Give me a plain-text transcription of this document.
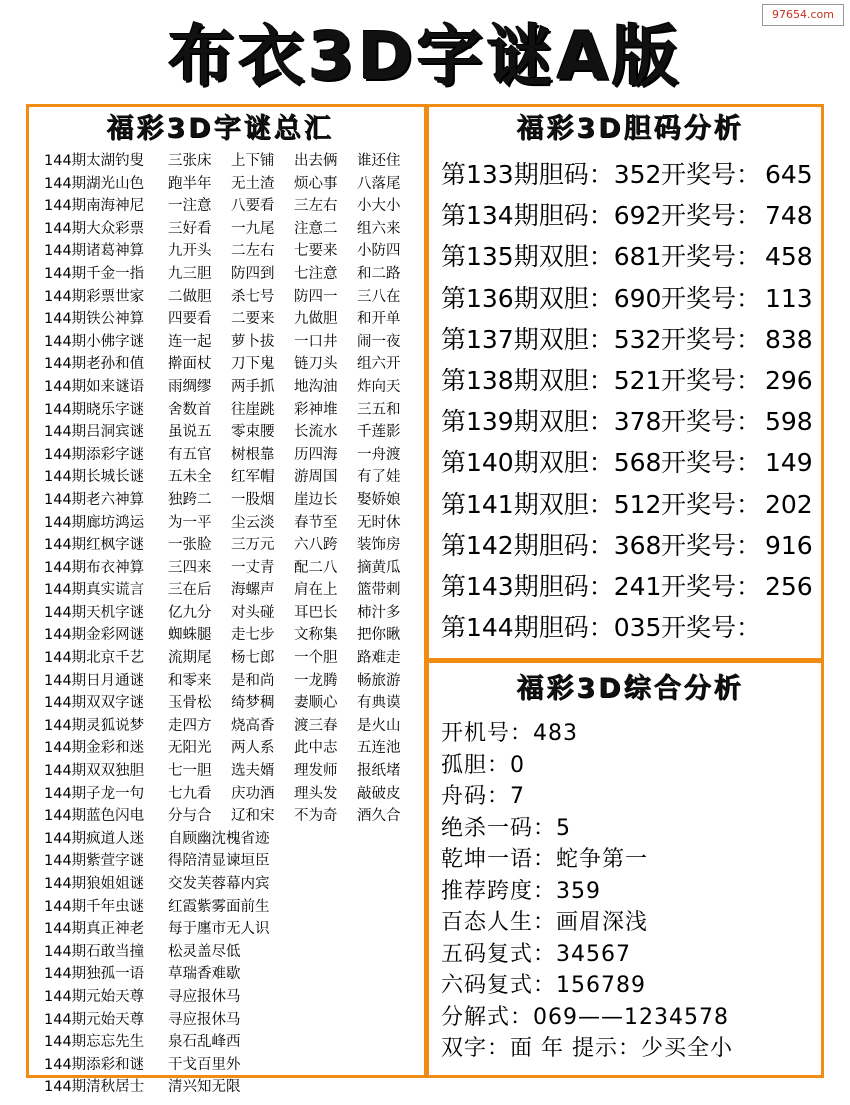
97654.com
布衣3D字谜A版
福彩3D字谜总汇	福彩3D胆码分析
福彩3D综合分析
144期太湖钓叟	三张床	上下铺	出去俩	谁还住
144期湖光山色	跑半年	无土渣	烦心事	八落尾
144期南海神尼	一注意	八要看	三左右	小大小
144期大众彩票	三好看	一九尾	注意二	组六来
144期诸葛神算	九开头	二左右	七要来	小防四
144期千金一指	九三胆	防四到	七注意	和二路
144期彩票世家	二做胆	杀七号	防四一	三八在
144期铁公神算	四要看	二要来	九做胆	和开单
144期小佛字谜	连一起	萝卜拔	一口井	闹一夜
144期老孙和值	擀面杖	刀下鬼	链刀头	组六开
144期如来谜语	雨绸缪	两手抓	地沟油	炸向天
144期晓乐字谜	舍数首	往崖跳	彩神堆	三五和
144期吕洞宾谜	虽说五	零束腰	长流水	千莲影
144期添彩字谜	有五官	树根靠	历四海	一舟渡
144期长城长谜	五未全	红军帽	游周国	有了娃
144期老六神算	独跨二	一股烟	崖边长	娶娇娘
144期廊坊鸿运	为一平	尘云淡	春节至	无时休
144期红枫字谜	一张脸	三万元	六八跨	装饰房
144期布衣神算	三四来	一丈青	配二八	摘黄瓜
144期真实谎言	三在后	海螺声	肩在上	篮带刺
144期天机字谜	亿九分	对头碰	耳巴长	柿汁多
144期金彩网谜	蜘蛛腿	走七步	文称集	把你瞅
144期北京千艺	流期尾	杨七郎	一个胆	路难走
144期日月通谜	和零来	是和尚	一龙腾	畅旅游
144期双双字谜	玉骨松	绮梦稠	妻顺心	有典谟
144期灵狐说梦	走四方	烧高香	渡三春	是火山
144期金彩和迷	无阳光	两人系	此中志	五连池
144期双双独胆	七一胆	选夫婿	理发师	报纸堵
144期子龙一句	七九看	庆功酒	理头发	敲破皮
144期蓝色闪电	分与合	辽和宋	不为奇	酒久合
144期疯道人迷	自顾幽沈槐省迹
144期紫萱字谜	得陪清显谏垣臣
144期狼姐姐谜	交发芙蓉幕内宾
144期千年虫谜	红霞紫雾面前生
144期真正神老	每于廛市无人识
144期石敢当撞	松灵盖尽低
144期独孤一语	草瑞香难歇
144期元始天尊	寻应报休马
144期元始天尊	寻应报休马
144期忘忘先生	泉石乱峰西
144期添彩和谜	干戈百里外
144期清秋居士	清兴知无限
第133期胆码：352 开奖号： 645
第134期胆码：692 开奖号： 748
第135期双胆：681 开奖号： 458
第136期双胆：690 开奖号： 113
第137期双胆：532 开奖号： 838
第138期双胆：521 开奖号： 296
第139期双胆：378 开奖号： 598
第140期双胆：568 开奖号： 149
第141期双胆：512 开奖号： 202
第142期胆码：368 开奖号： 916
第143期胆码：241 开奖号： 256
第144期胆码：035 开奖号：
开机号：483
孤胆：0
舟码：7
绝杀一码：5
乾坤一语：蛇争第一
推荐跨度：359
百态人生：画眉深浅
五码复式：34567
六码复式：156789
分解式：069——1234578
双字：面 年 提示：少买全小
